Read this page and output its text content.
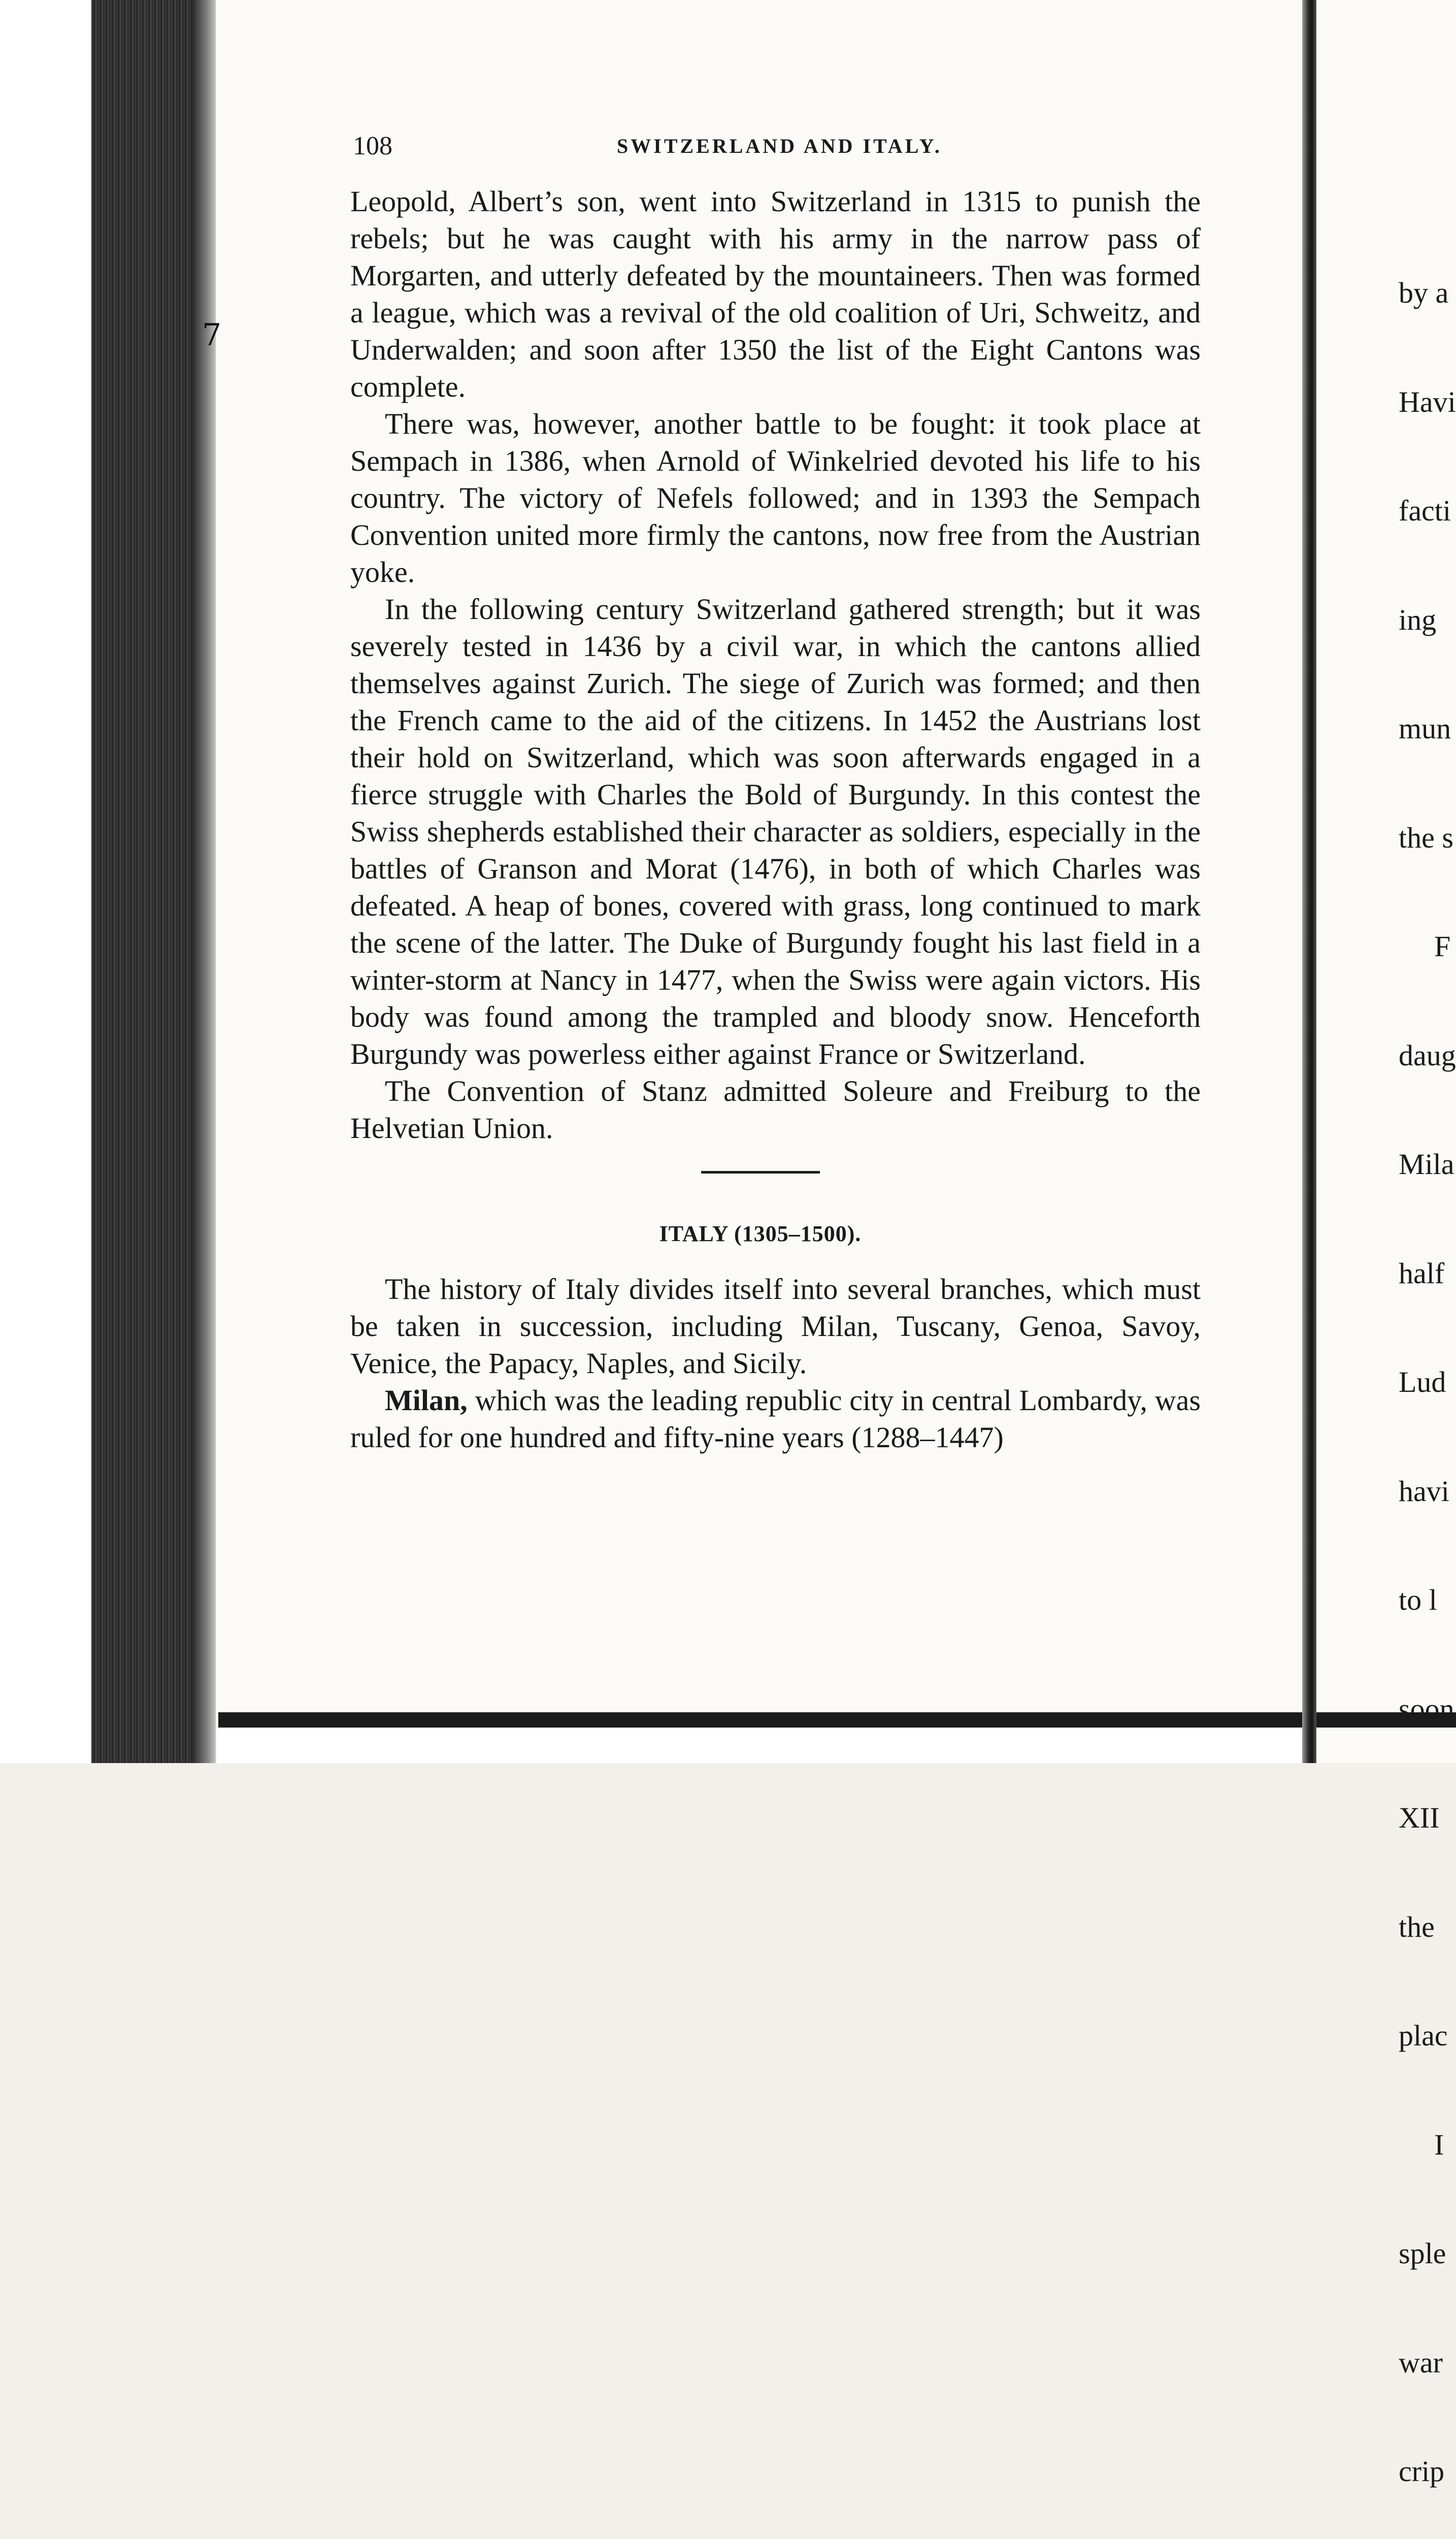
7
108	SWITZERLAND AND ITALY.

Leopold, Albert’s son, went into Switzerland in 1315 to punish the rebels; but he was caught with his army in the narrow pass of Morgarten, and utterly defeated by the mountaineers. Then was formed a league, which was a revival of the old coalition of Uri, Schweitz, and Underwalden; and soon after 1350 the list of the Eight Cantons was complete.

There was, however, another battle to be fought: it took place at Sempach in 1386, when Arnold of Winkelried devoted his life to his country. The victory of Nefels followed; and in 1393 the Sempach Convention united more firmly the cantons, now free from the Austrian yoke.

In the following century Switzerland gathered strength; but it was severely tested in 1436 by a civil war, in which the cantons allied themselves against Zurich. The siege of Zurich was formed; and then the French came to the aid of the citizens. In 1452 the Austrians lost their hold on Switzerland, which was soon afterwards engaged in a fierce struggle with Charles the Bold of Burgundy. In this contest the Swiss shepherds established their character as soldiers, especially in the battles of Granson and Morat (1476), in both of which Charles was defeated. A heap of bones, covered with grass, long continued to mark the scene of the latter. The Duke of Burgundy fought his last field in a winter-storm at Nancy in 1477, when the Swiss were again victors. His body was found among the trampled and bloody snow. Henceforth Burgundy was powerless either against France or Switzerland.

The Convention of Stanz admitted Soleure and Freiburg to the Helvetian Union.

ITALY (1305–1500).

The history of Italy divides itself into several branches, which must be taken in succession, including Milan, Tuscany, Genoa, Savoy, Venice, the Papacy, Naples, and Sicily.

Milan, which was the leading republic city in central Lombardy, was ruled for one hundred and fifty-nine years (1288–1447)

by a

Havi

facti

ing

mun

the s

F

daug

Mila

half

Lud

havi

to l

soon

XII

the

plac

I

sple

war

crip
